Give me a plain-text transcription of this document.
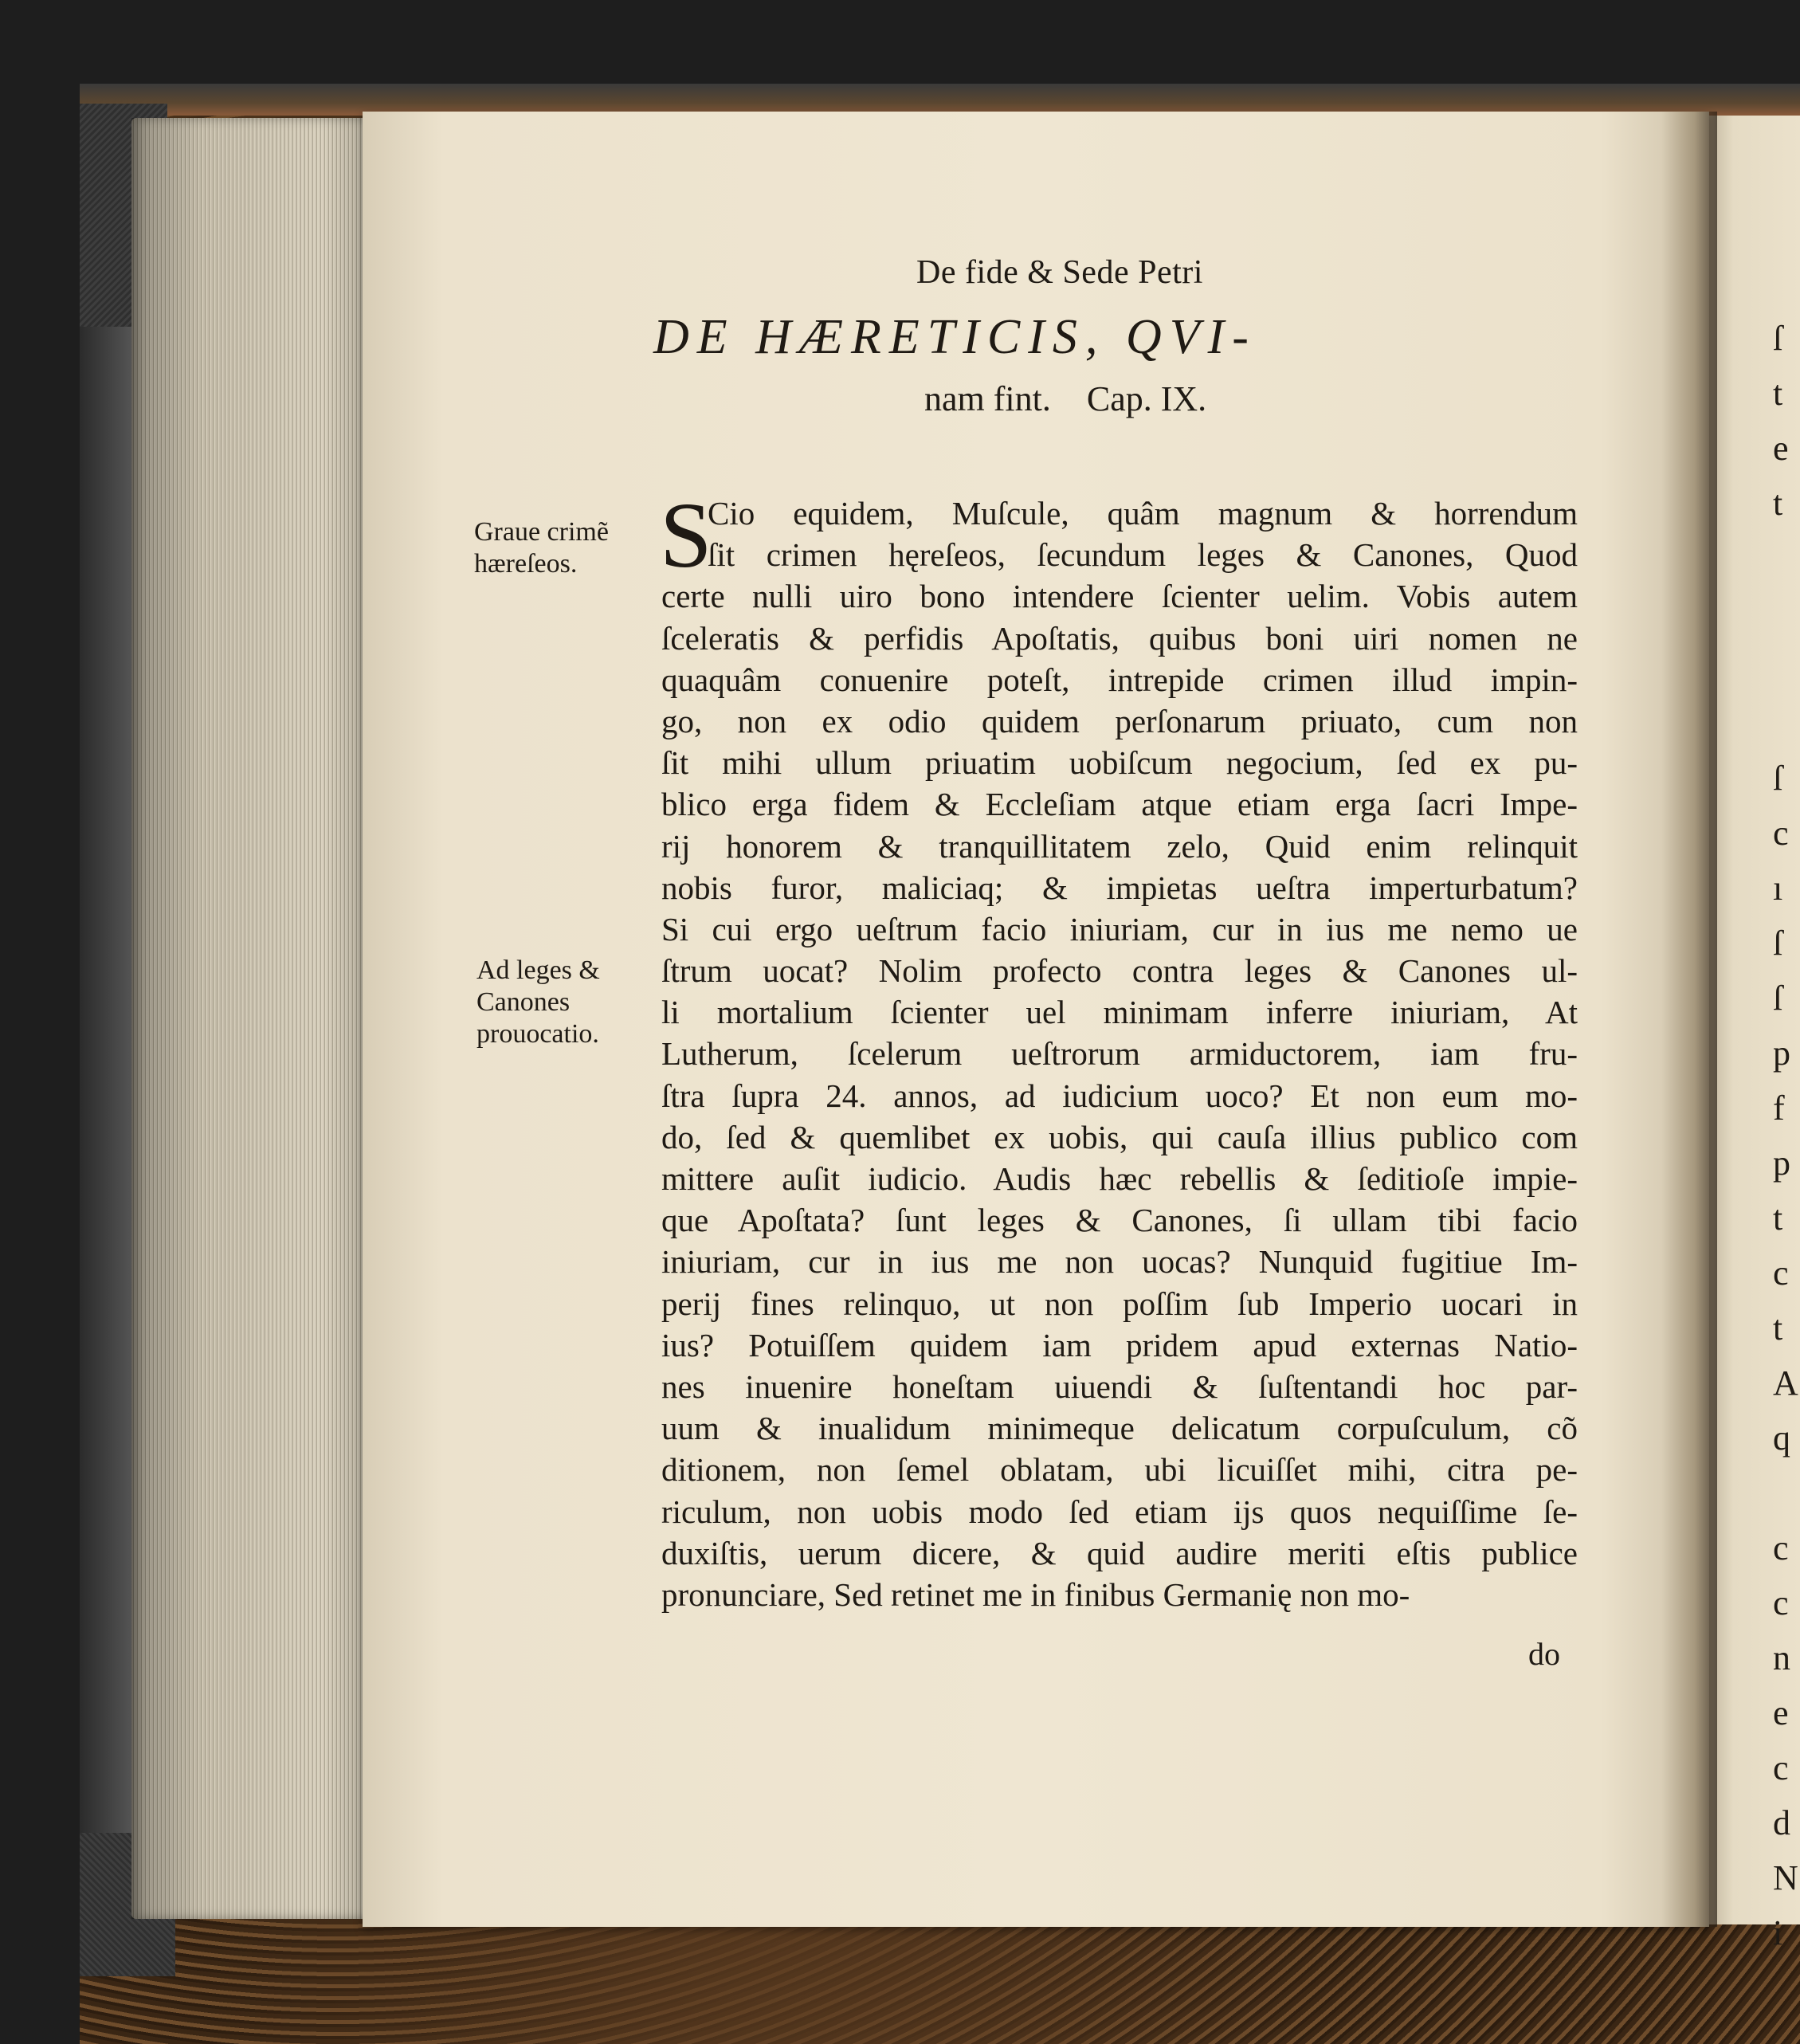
ſ
t
e
t
ſ
c
ı
ſ
ſ
p
f
p
t
c
t
A
q
c
c
n
e
c
d
N
i
De fide & Sede Petri
DE HÆRETICIS, QVI-
nam fint. Cap. IX.
Graue crimẽ
hæreſeos.
Ad leges &
Canones
prouocatio.
S
Cio equidem, Muſcule, quâm magnum & horrendum
ſit crimen hęreſeos, ſecundum leges & Canones, Quod
certe nulli uiro bono intendere ſcienter uelim. Vobis autem
ſceleratis & perfidis Apoſtatis, quibus boni uiri nomen ne
quaquâm conuenire poteſt, intrepide crimen illud impin-
go, non ex odio quidem perſonarum priuato, cum non
ſit mihi ullum priuatim uobiſcum negocium, ſed ex pu-
blico erga fidem & Eccleſiam atque etiam erga ſacri Impe-
rij honorem & tranquillitatem zelo, Quid enim relinquit
nobis furor, maliciaq; & impietas ueſtra imperturbatum?
Si cui ergo ueſtrum facio iniuriam, cur in ius me nemo ue
ſtrum uocat? Nolim profecto contra leges & Canones ul-
li mortalium ſcienter uel minimam inferre iniuriam, At
Lutherum, ſcelerum ueſtrorum armiductorem, iam fru-
ſtra ſupra 24. annos, ad iudicium uoco? Et non eum mo-
do, ſed & quemlibet ex uobis, qui cauſa illius publico com
mittere auſit iudicio. Audis hæc rebellis & ſeditioſe impie-
que Apoſtata? ſunt leges & Canones, ſi ullam tibi facio
iniuriam, cur in ius me non uocas? Nunquid fugitiue Im-
perij fines relinquo, ut non poſſim ſub Imperio uocari in
ius? Potuiſſem quidem iam pridem apud externas Natio-
nes inuenire honeſtam uiuendi & ſuſtentandi hoc par-
uum & inualidum minimeque delicatum corpuſculum, cõ
ditionem, non ſemel oblatam, ubi licuiſſet mihi, citra pe-
riculum, non uobis modo ſed etiam ijs quos nequiſſime ſe-
duxiſtis, uerum dicere, & quid audire meriti eſtis publice
pronunciare, Sed retinet me in finibus Germanię non mo-
do
